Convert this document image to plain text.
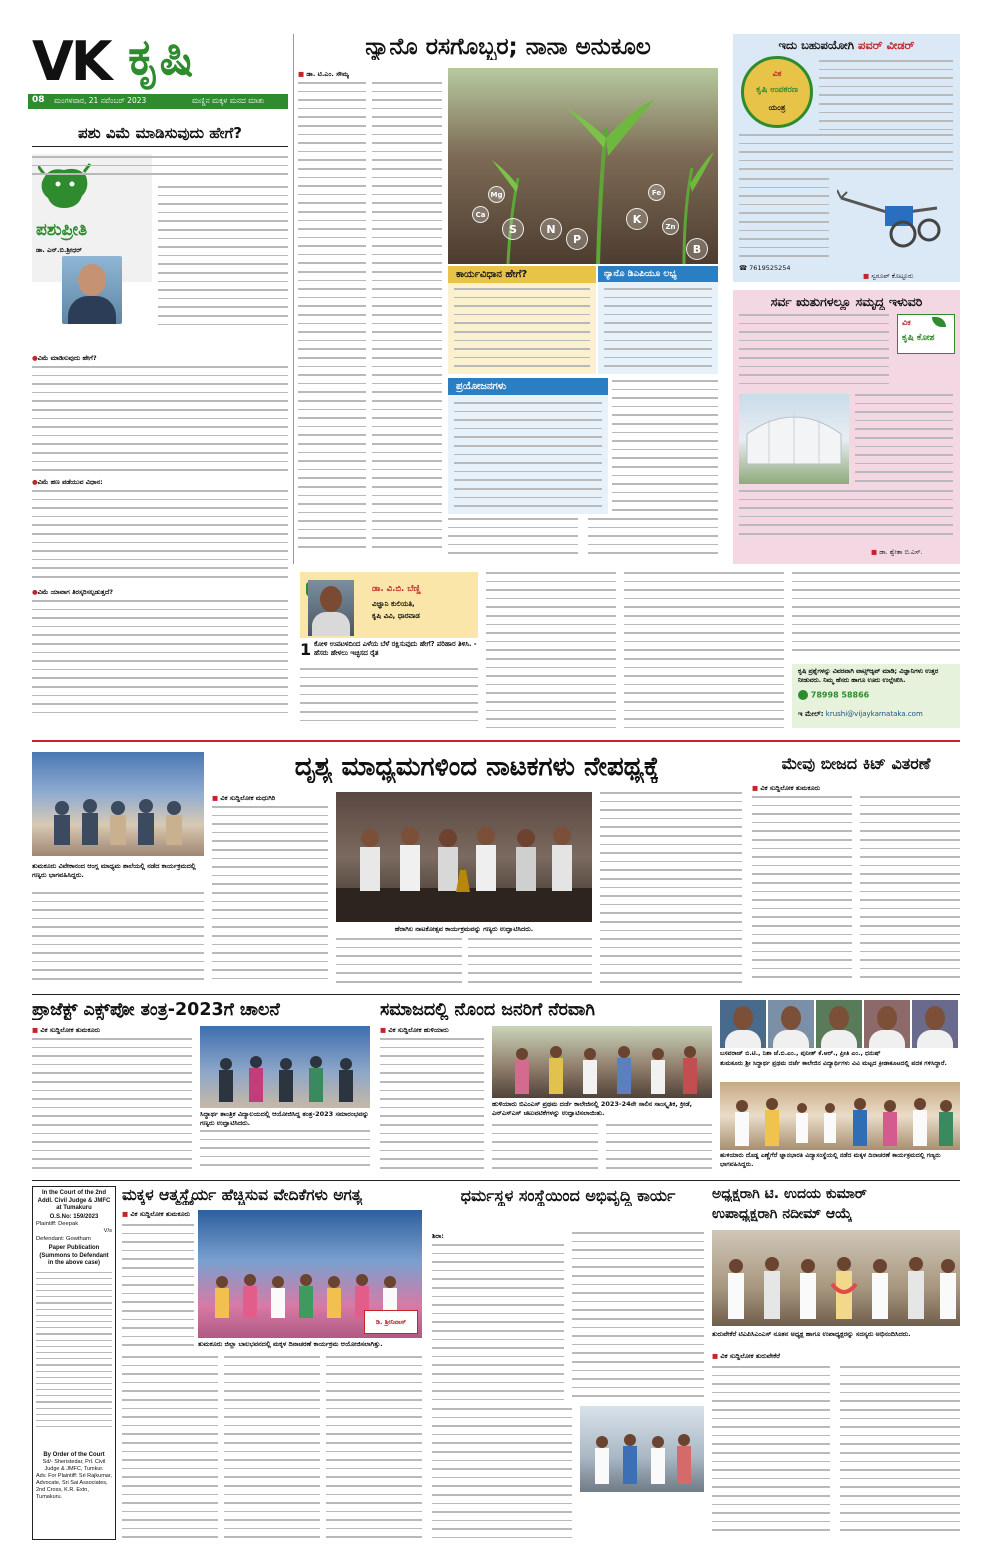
VK ಕೃಷಿ
08 ಮಂಗಳವಾರ, 21 ನವೆಂಬರ್ 2023	ಮಣ್ಣಿನ ಮಕ್ಕಳ ಮನದ ಮಾತು
ಪಶು ವಿಮೆ ಮಾಡಿಸುವುದು ಹೇಗೆ?
ಪಶುಪ್ರೀತಿ
ಡಾ. ಎನ್.ಬಿ.ಶ್ರೀಧರ್
●ವಿಮೆ ಮಾಡಿಸುವುದು ಹೇಗೆ?
●ವಿಮೆ ಹಣ ಪಡೆಯುವ ವಿಧಾನ:
●ವಿಮೆ ಯಾವಾಗ ತಿರಸ್ಕರಿಸಲ್ಪಡುತ್ತದೆ?
ನ್ಯಾನೊ ರಸಗೊಬ್ಬರ; ನಾನಾ ಅನುಕೂಲ
■ ಡಾ. ಟಿ.ಎಂ. ಸೌಮ್ಯ
Mg
N
S
P
K
Ca
B
Fe
Zn
ಕಾರ್ಯವಿಧಾನ ಹೇಗೆ?	ನ್ಯಾನೊ ಡಿಎಪಿಯೂ ಲಭ್ಯ
ಪ್ರಯೋಜನಗಳು
ಇದು ಬಹುಪಯೋಗಿ ಪವರ್ ವೀಡರ್
ವಿಕ
ಕೃಷಿ ಉಪಕರಣ
ಯಂತ್ರ
☎ 7619525254
■ ಸ್ವರೂಪ್ ಕೊಟ್ಟೂರು
ಸರ್ವ ಋತುಗಳಲ್ಲೂ ಸಮೃದ್ಧ ಇಳುವರಿ
ವಿಕ
ಕೃಷಿ ಕೋಶ
■ ಡಾ. ಶ್ವೇತಾ ಬಿ.ಎಸ್.
ಡಾ. ವಿ.ಬಿ. ಬೆಣ್ಣಿ
ವಿಜ್ಞಾನಿ ಕುಲಿಯತಿ,
ಕೃಷಿ ವಿವಿ, ಧಾರವಾಡ
1 ಕೋಳಿ ಉಪಟಳದಿಂದ ಎಳೆಯ ಬೆಳೆ ರಕ್ಷಿಸುವುದು ಹೇಗೆ? ಪರಿಹಾರ ತಿಳಿಸಿ. - ಹೆಸರು ಹೇಳಲು ಇಚ್ಛಿಸದ ರೈತ
ಕೃಷಿ ಪ್ರಶ್ನೆಗಳನ್ನು ವಿವರವಾಗಿ ವಾಟ್ಸ್ಆ್ಯಪ್ ಮಾಡಿ; ವಿಜ್ಞಾನಿಗಳು ಉತ್ತರ ನೀಡುವರು. ನಿಮ್ಮ ಹೆಸರು ಹಾಗೂ ಊರು ಉಲ್ಲೇಖಿಸಿ.
78998 58866
ಇ ಮೇಲ್: krushi@vijaykarnataka.com
ತುಮಕೂರು ವಿವೇಕಾನಂದ ಆಂಗ್ಲ ಮಾಧ್ಯಮ ಶಾಲೆಯಲ್ಲಿ ನಡೆದ ಕಾರ್ಯಕ್ರಮದಲ್ಲಿ ಗಣ್ಯರು ಭಾಗವಹಿಸಿದ್ದರು.
ದೃಶ್ಯ ಮಾಧ್ಯಮಗಳಿಂದ ನಾಟಕಗಳು ನೇಪಥ್ಯಕ್ಕೆ
■ ವಿಕ ಸುದ್ದಿಲೋಕ ಮಧುಗಿರಿ
ಹೆರಾಗಿಲ ನಾಟಕೋತ್ಸವ ಕಾರ್ಯಕ್ರಮವನ್ನು ಗಣ್ಯರು ಉದ್ಘಾಟಿಸಿದರು.
ಮೇವು ಬೀಜದ ಕಿಟ್ ವಿತರಣೆ
■ ವಿಕ ಸುದ್ದಿಲೋಕ ತುಮಕೂರು
ಪ್ರಾಜೆಕ್ಟ್ ಎಕ್ಸ್‌ಪೋ ತಂತ್ರ-2023ಗೆ ಚಾಲನೆ
■ ವಿಕ ಸುದ್ದಿಲೋಕ ತುಮಕೂರು
ಸಿದ್ಧಾರ್ಥ ತಾಂತ್ರಿಕ ವಿದ್ಯಾಲಯದಲ್ಲಿ ಆಯೋಜಿಸಿದ್ದ ತಂತ್ರ-2023 ಸಮಾರಂಭವನ್ನು ಗಣ್ಯರು ಉದ್ಘಾಟಿಸಿದರು.
ಸಮಾಜದಲ್ಲಿ ನೊಂದ ಜನರಿಗೆ ನೆರವಾಗಿ
■ ವಿಕ ಸುದ್ದಿಲೋಕ ಹುಳಿಯಾರು
ಹುಳಿಯಾರು ಬಿಎಂಎಸ್ ಪ್ರಥಮ ದರ್ಜೆ ಕಾಲೇಜಿನಲ್ಲಿ 2023-24ನೇ ಸಾಲಿನ ಸಾಂಸ್ಕೃತಿಕ, ಕ್ರೀಡೆ, ಎನ್ಎಸ್ಎಸ್ ಚಟುವಟಿಕೆಗಳನ್ನು ಉದ್ಘಾಟಿಸಲಾಯಿತು.
ಬಸವರಾಜ್ ಬಿ.ಟಿ., ನಿಶಾ ಜೆ.ಬಿ.ಎಂ., ಪುನೀತ್ ಕೆ.ಆರ್., ಪ್ರೀತಿ ಎಂ., ಧನುಷ್
ತುಮಕೂರು ಶ್ರೀ ಸಿದ್ಧಾರ್ಥ ಪ್ರಥಮ ದರ್ಜೆ ಕಾಲೇಜಿನ ವಿದ್ಯಾರ್ಥಿಗಳು ವಿವಿ ಮಟ್ಟದ ಕ್ರೀಡಾಕೂಟದಲ್ಲಿ ಪದಕ ಗಳಿಸಿದ್ದಾರೆ.
ಹುಳಿಯಾರು ದೊಡ್ಡ ಎಣ್ಣೆಗೆರೆ ಜ್ಞಾನಭಾರತಿ ವಿದ್ಯಾಸಂಸ್ಥೆಯಲ್ಲಿ ನಡೆದ ಮಕ್ಕಳ ದಿನಾಚರಣೆ ಕಾರ್ಯಕ್ರಮದಲ್ಲಿ ಗಣ್ಯರು ಭಾಗವಹಿಸಿದ್ದರು.
In the Court of the 2nd Addl. Civil Judge & JMFC at Tumakuru
O.S.No: 159/2023
Plaintiff: Deepak
V/s
Defendant: Gowtham
Paper Publication (Summons to Defendant in the above case)
By Order of the Court
Sd/- Sheristedar, Prl. Civil Judge & JMFC, Tumkur.
Adv. For Plaintiff: Sri Rajkumar, Advocate, Sri Sai Associates, 2nd Cross, K.R. Extn, Tumakuru.
ಮಕ್ಕಳ ಆತ್ಮಸ್ಥೈರ್ಯ ಹೆಚ್ಚಿಸುವ ವೇದಿಕೆಗಳು ಅಗತ್ಯ
■ ವಿಕ ಸುದ್ದಿಲೋಕ ತುಮಕೂರು
ಡಿ. ಶ್ರೀನಿವಾಸ್
ತುಮಕೂರು ಜಿಲ್ಲಾ ಬಾಲಭವನದಲ್ಲಿ ಮಕ್ಕಳ ದಿನಾಚರಣೆ ಕಾರ್ಯಕ್ರಮ ಆಯೋಜಿಸಲಾಗಿತ್ತು.
ಧರ್ಮಸ್ಥಳ ಸಂಸ್ಥೆಯಿಂದ ಅಭಿವೃದ್ಧಿ ಕಾರ್ಯ
ಶಿರಾ:
ಅಧ್ಯಕ್ಷರಾಗಿ ಟಿ. ಉದಯ ಕುಮಾರ್
ಉಪಾಧ್ಯಕ್ಷರಾಗಿ ನದೀಮ್ ಆಯ್ಕೆ
ತುರುವೇಕೆರೆ ಟಿಎಪಿಸಿಎಂಎಸ್ ನೂತನ ಅಧ್ಯಕ್ಷ ಹಾಗೂ ಉಪಾಧ್ಯಕ್ಷರನ್ನು ಸದಸ್ಯರು ಅಭಿನಂದಿಸಿದರು.
■ ವಿಕ ಸುದ್ದಿಲೋಕ ತುರುವೇಕೆರೆ
